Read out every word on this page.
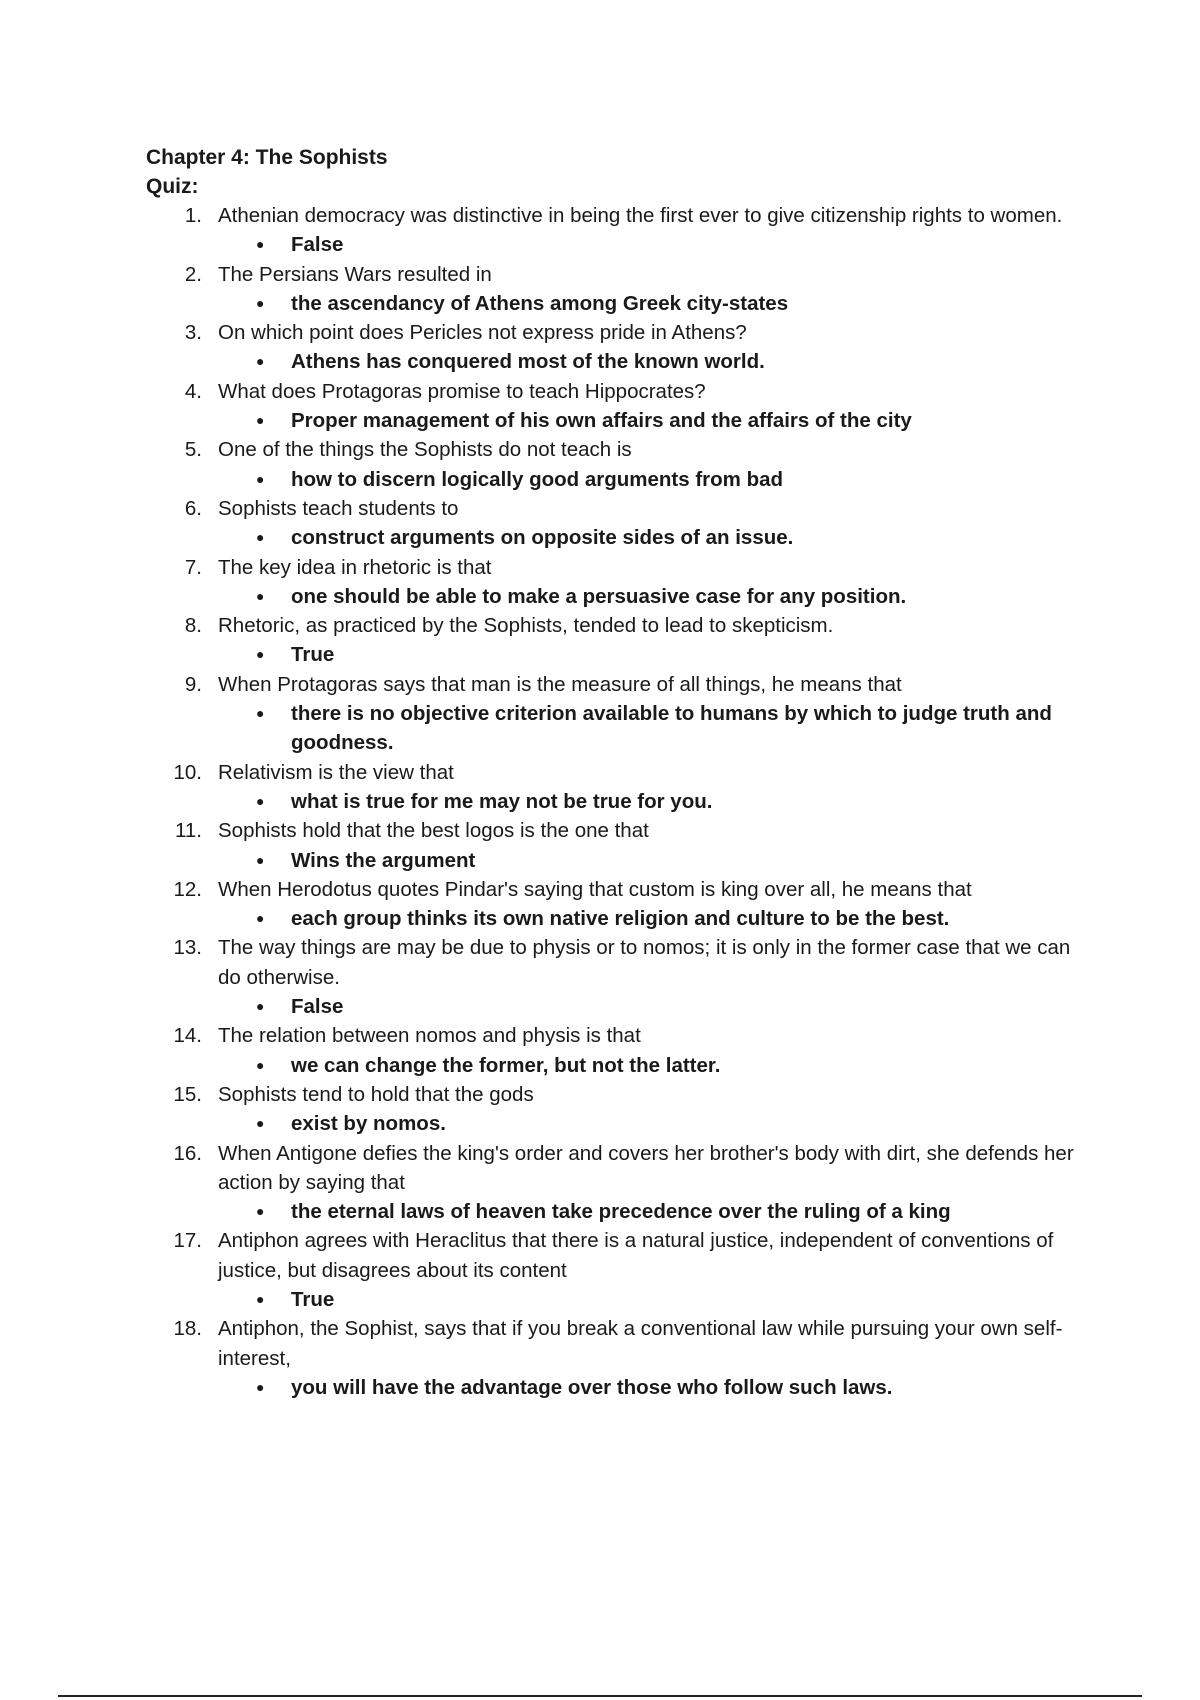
Chapter 4: The Sophists

Quiz:

1. Athenian democracy was distinctive in being the first ever to give citizenship rights to women.
● False
2. The Persians Wars resulted in
● the ascendancy of Athens among Greek city-states
3. On which point does Pericles not express pride in Athens?
● Athens has conquered most of the known world.
4. What does Protagoras promise to teach Hippocrates?
● Proper management of his own affairs and the affairs of the city
5. One of the things the Sophists do not teach is
● how to discern logically good arguments from bad
6. Sophists teach students to
● construct arguments on opposite sides of an issue.
7. The key idea in rhetoric is that
● one should be able to make a persuasive case for any position.
8. Rhetoric, as practiced by the Sophists, tended to lead to skepticism.
● True
9. When Protagoras says that man is the measure of all things, he means that
● there is no objective criterion available to humans by which to judge truth and goodness.
10. Relativism is the view that
● what is true for me may not be true for you.
11. Sophists hold that the best logos is the one that
● Wins the argument
12. When Herodotus quotes Pindar's saying that custom is king over all, he means that
● each group thinks its own native religion and culture to be the best.
13. The way things are may be due to physis or to nomos; it is only in the former case that we can do otherwise.
● False
14. The relation between nomos and physis is that
● we can change the former, but not the latter.
15. Sophists tend to hold that the gods
● exist by nomos.
16. When Antigone defies the king's order and covers her brother's body with dirt, she defends her action by saying that
● the eternal laws of heaven take precedence over the ruling of a king
17. Antiphon agrees with Heraclitus that there is a natural justice, independent of conventions of justice, but disagrees about its content
● True
18. Antiphon, the Sophist, says that if you break a conventional law while pursuing your own self-interest,
● you will have the advantage over those who follow such laws.
